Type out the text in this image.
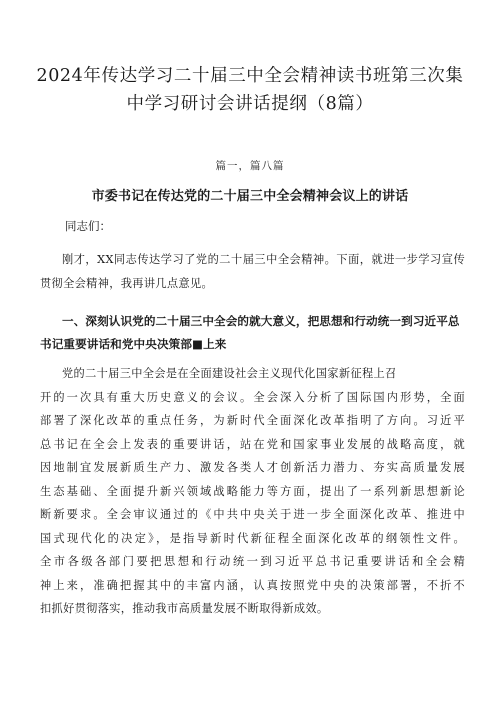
2024年传达学习二十届三中全会精神读书班第三次集
中学习研讨会讲话提纲（8篇）
篇一，篇八篇
市委书记在传达党的二十届三中全会精神会议上的讲话
同志们：

刚才，XX同志传达学习了党的二十届三中全会精神。下面，就进一步学习宣传贯彻全会精神，我再讲几点意见。

一、深刻认识党的二十届三中全会的就大意义，把思想和行动统一到习近平总书记重要讲话和党中央决策部■上来

党的二十届三中全会是在全面建设社会主义现代化国家新征程上召
开的一次具有重大历史意义的会议。全会深入分析了国际国内形势，全面
部署了深化改革的重点任务，为新时代全面深化改革指明了方向。习近平
总书记在全会上发表的重要讲话，站在党和国家事业发展的战略高度，就
因地制宜发展新质生产力、激发各类人才创新活力潜力、夯实高质量发展
生态基础、全面提升新兴领域战略能力等方面，提出了一系列新思想新论
断新要求。全会审议通过的《中共中央关于进一步全面深化改革、推进中
国式现代化的决定》，是指导新时代新征程全面深化改革的纲领性文件。
全市各级各部门要把思想和行动统一到习近平总书记重要讲话和全会精
神上来，准确把握其中的丰富内涵，认真按照党中央的决策部署，不折不
扣抓好贯彻落实，推动我市高质量发展不断取得新成效。
